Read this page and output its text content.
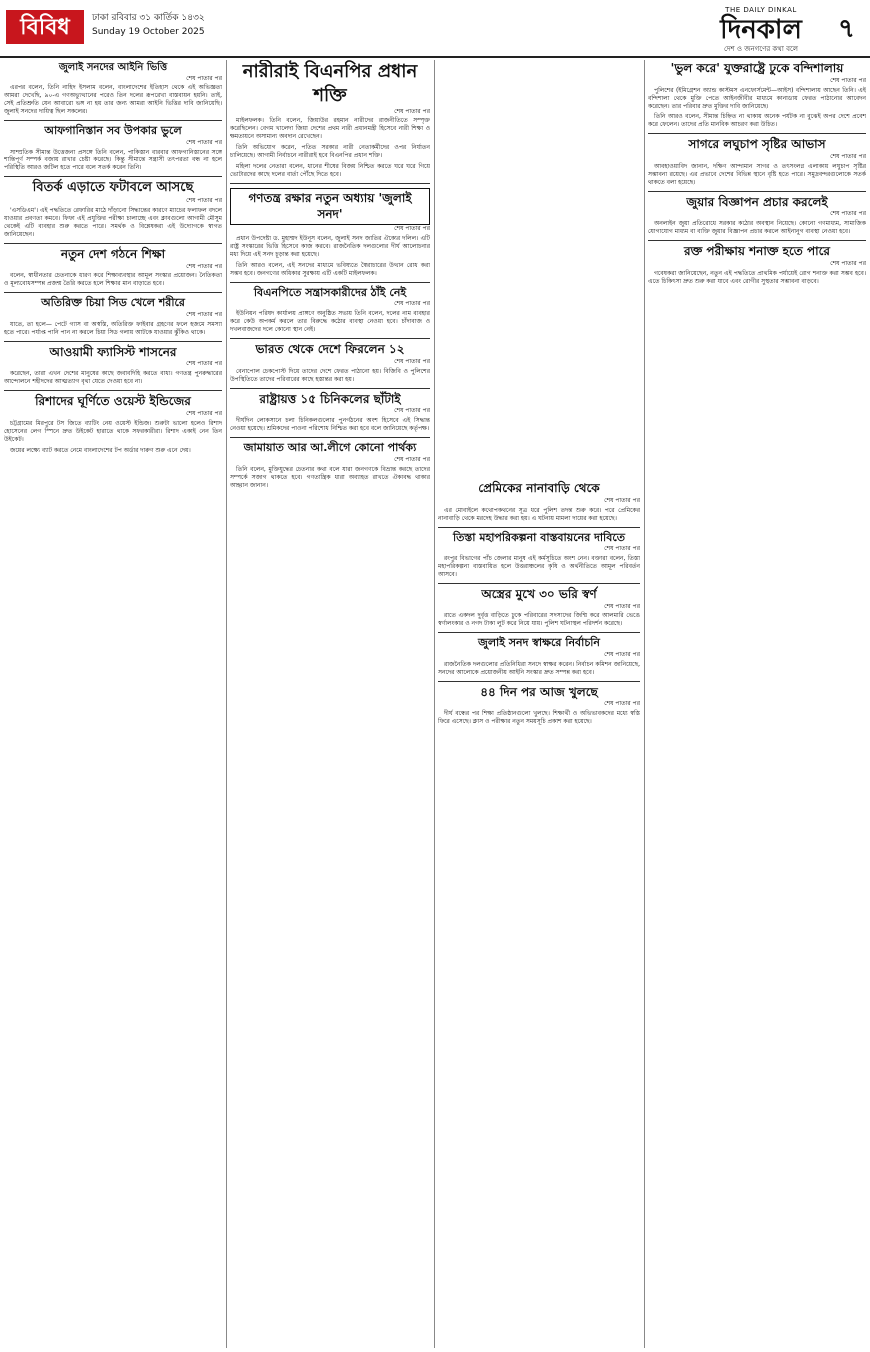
বিবিধ	ঢাকা রবিবার ৩১ কার্তিক ১৪৩২
Sunday 19 October 2025
THE DAILY DINKAL
দিনকাল
দেশ ও জনগণের কথা বলে
৭
জুলাই সনদের আইনি ভিত্তি
শেষ পাতার পর

এরপর বলেন, তিনি নাহিদ ইসলাম বলেন, বাংলাদেশের ইতিহাস থেকে এই অভিজ্ঞতা আমরা দেখেছি, ৯০-এ গণঅভ্যুত্থানের পরেও তিন দলের রূপরেখা বাস্তবায়ন হয়নি। তাই, সেই প্রতিশ্রুতি যেন আবারো ভঙ্গ না হয় তার জন্য আমরা আইনি ভিত্তির দাবি জানিয়েছি। জুলাই সনদের দায়িত্ব ছিল সকলের।

আফগানিস্তান সব উপকার ভুলে
শেষ পাতার পর

সাম্প্রতিক সীমান্ত উত্তেজনা প্রসঙ্গে তিনি বলেন, পাকিস্তান বারবার আফগানিস্তানের সঙ্গে শান্তিপূর্ণ সম্পর্ক বজায় রাখার চেষ্টা করেছে। কিন্তু সীমান্তে সন্ত্রাসী তৎপরতা বন্ধ না হলে পরিস্থিতি আরও জটিল হতে পারে বলে সতর্ক করেন তিনি।

বিতর্ক এড়াতে ফটাবলে আসছে
শেষ পাতার পর

'এসডিএম'। এই পদ্ধতিতে রেফারির মাঠে দাঁড়ানো সিদ্ধান্তের কারণে ম্যাচের ফলাফল বদলে যাওয়ার প্রবণতা কমবে। ফিফা এই প্রযুক্তির পরীক্ষা চালাচ্ছে এবং ক্লাবগুলো আগামী মৌসুম থেকেই এটি ব্যবহার শুরু করতে পারে। সমর্থক ও বিশ্লেষকরা এই উদ্যোগকে স্বাগত জানিয়েছেন।

নতুন দেশ গঠনে শিক্ষা
শেষ পাতার পর

বলেন, স্বাধীনতার চেতনাকে ধারণ করে শিক্ষাব্যবস্থার আমূল সংস্কার প্রয়োজন। নৈতিকতা ও মূল্যবোধসম্পন্ন প্রজন্ম তৈরি করতে হলে শিক্ষার মান বাড়াতে হবে।

অতিরিক্ত চিয়া সিড খেলে শরীরে
শেষ পাতার পর

যাতে, তা হলে— পেটে গ্যাস বা অস্বস্তি, অতিরিক্ত ফাইবার গ্রহণের ফলে হজমে সমস্যা হতে পারে। পর্যাপ্ত পানি পান না করলে চিয়া সিড গলায় আটকে যাওয়ার ঝুঁকিও থাকে।

আওয়ামী ফ্যাসিস্ট শাসনের
শেষ পাতার পর

করেছেন, তারা এখন দেশের মানুষের কাছে জবাবদিহি করতে বাধ্য। গণতন্ত্র পুনরুদ্ধারের আন্দোলনে শহীদদের আত্মত্যাগ বৃথা যেতে দেওয়া হবে না।

রিশাদের ঘূর্ণিতে ওয়েস্ট ইন্ডিজের
শেষ পাতার পর

চট্টগ্রামের মিরপুরে টস জিতে ব্যাটিং নেয় ওয়েস্ট ইন্ডিজ। শুরুটা ভালো হলেও রিশাদ হোসেনের লেগ স্পিনে দ্রুত উইকেট হারাতে থাকে সফরকারীরা। রিশাদ একাই নেন তিন উইকেট।

জয়ের লক্ষ্যে ব্যাট করতে নেমে বাংলাদেশের টপ অর্ডার দারুণ শুরু এনে দেয়।

নারীরাই বিএনপির প্রধান শক্তি
শেষ পাতার পর

মাইলফলক। তিনি বলেন, জিয়াউর রহমান নারীদের রাজনীতিতে সম্পৃক্ত করেছিলেন। বেগম খালেদা জিয়া দেশের প্রথম নারী প্রধানমন্ত্রী হিসেবে নারী শিক্ষা ও ক্ষমতায়নে অসামান্য অবদান রেখেছেন।

তিনি অভিযোগ করেন, পতিত সরকার নারী নেতাকর্মীদের ওপর নির্যাতন চালিয়েছে। আগামী নির্বাচনে নারীরাই হবে বিএনপির প্রধান শক্তি।

মহিলা দলের নেতারা বলেন, ধানের শীষের বিজয় নিশ্চিত করতে ঘরে ঘরে গিয়ে ভোটারদের কাছে দলের বার্তা পৌঁছে দিতে হবে।

গণতন্ত্র রক্ষার নতুন অধ্যায় 'জুলাই সনদ'
শেষ পাতার পর

প্রধান উপদেষ্টা ড. মুহাম্মদ ইউনূস বলেন, জুলাই সনদ জাতির ঐক্যের দলিল। এটি রাষ্ট্র সংস্কারের ভিত্তি হিসেবে কাজ করবে। রাজনৈতিক দলগুলোর দীর্ঘ আলোচনার মধ্য দিয়ে এই সনদ চূড়ান্ত করা হয়েছে।

তিনি আরও বলেন, এই সনদের মাধ্যমে ভবিষ্যতে স্বৈরাচারের উত্থান রোধ করা সম্ভব হবে। জনগণের অধিকার সুরক্ষায় এটি একটি মাইলফলক।

বিএনপিতে সন্ত্রাসকারীদের ঠাঁই নেই
শেষ পাতার পর

ইউনিয়ন পরিষদ কার্যালয় প্রাঙ্গণে অনুষ্ঠিত সভায় তিনি বলেন, দলের নাম ব্যবহার করে কেউ অপকর্ম করলে তার বিরুদ্ধে কঠোর ব্যবস্থা নেওয়া হবে। চাঁদাবাজ ও দখলবাজদের দলে কোনো স্থান নেই।

ভারত থেকে দেশে ফিরলেন ১২
শেষ পাতার পর

বেনাপোল চেকপোস্ট দিয়ে তাদের দেশে ফেরত পাঠানো হয়। বিজিবি ও পুলিশের উপস্থিতিতে তাদের পরিবারের কাছে হস্তান্তর করা হয়।

রাষ্ট্রায়ত্ত ১৫ চিনিকলের ছাঁটাই
শেষ পাতার পর

দীর্ঘদিন লোকসানে চলা চিনিকলগুলোর পুনর্গঠনের অংশ হিসেবে এই সিদ্ধান্ত নেওয়া হয়েছে। শ্রমিকদের পাওনা পরিশোধ নিশ্চিত করা হবে বলে জানিয়েছে কর্তৃপক্ষ।

জামায়াত আর আ.লীগে কোনো পার্থক্য
শেষ পাতার পর

তিনি বলেন, মুক্তিযুদ্ধের চেতনার কথা বলে যারা জনগণকে বিভ্রান্ত করছে তাদের সম্পর্কে সজাগ থাকতে হবে। গণতান্ত্রিক ধারা অব্যাহত রাখতে ঐক্যবদ্ধ থাকার আহ্বান জানান।	প্রেমিকের নানাবাড়ি থেকে
শেষ পাতার পর

এর মোবাইলে কথোপকথনের সূত্র ধরে পুলিশ তদন্ত শুরু করে। পরে প্রেমিকের নানাবাড়ি থেকে মরদেহ উদ্ধার করা হয়। এ ঘটনায় মামলা দায়ের করা হয়েছে।

তিস্তা মহাপরিকল্পনা বাস্তবায়নের দাবিতে
শেষ পাতার পর

রংপুর বিভাগের পাঁচ জেলার মানুষ এই কর্মসূচিতে অংশ নেন। বক্তারা বলেন, তিস্তা মহাপরিকল্পনা বাস্তবায়িত হলে উত্তরাঞ্চলের কৃষি ও অর্থনীতিতে আমূল পরিবর্তন আসবে।

অস্ত্রের মুখে ৩০ ভরি স্বর্ণ
শেষ পাতার পর

রাতে একদল দুর্বৃত্ত বাড়িতে ঢুকে পরিবারের সদস্যদের জিম্মি করে আলমারি ভেঙে স্বর্ণালংকার ও নগদ টাকা লুট করে নিয়ে যায়। পুলিশ ঘটনাস্থল পরিদর্শন করেছে।

জুলাই সনদ স্বাক্ষরে নির্বাচনি
শেষ পাতার পর

রাজনৈতিক দলগুলোর প্রতিনিধিরা সনদে স্বাক্ষর করেন। নির্বাচন কমিশন জানিয়েছে, সনদের আলোকে প্রয়োজনীয় আইনি সংস্কার দ্রুত সম্পন্ন করা হবে।

৪৪ দিন পর আজ খুলছে
শেষ পাতার পর

দীর্ঘ বন্ধের পর শিক্ষা প্রতিষ্ঠানগুলো খুলছে। শিক্ষার্থী ও অভিভাবকদের মধ্যে স্বস্তি ফিরে এসেছে। ক্লাস ও পরীক্ষার নতুন সময়সূচি প্রকাশ করা হয়েছে।

'ভুল করে' যুক্তরাষ্ট্রে ঢুকে বন্দিশালায়
শেষ পাতার পর

পুলিশের (ইমিগ্রেশন অ্যান্ড কাস্টমস এনফোর্সমেন্ট—আইস) বন্দিশালায় আছেন তিনি। এই বন্দিশালা থেকে মুক্তি পেতে আইনজীবীর মাধ্যমে কানাডায় ফেরত পাঠানোর আবেদন করেছেন। তার পরিবার দ্রুত মুক্তির দাবি জানিয়েছে।

তিনি আরও বলেন, সীমান্ত চিহ্নিত না থাকায় অনেক পর্যটক না বুঝেই অপর দেশে প্রবেশ করে ফেলেন। তাদের প্রতি মানবিক আচরণ করা উচিত।

সাগরে লঘুচাপ সৃষ্টির আভাস
শেষ পাতার পর

আবহাওয়াবিদ জানান, দক্ষিণ আন্দামান সাগর ও তৎসংলগ্ন এলাকায় লঘুচাপ সৃষ্টির সম্ভাবনা রয়েছে। এর প্রভাবে দেশের বিভিন্ন স্থানে বৃষ্টি হতে পারে। সমুদ্রবন্দরগুলোকে সতর্ক থাকতে বলা হয়েছে।

জুয়ার বিজ্ঞাপন প্রচার করলেই
শেষ পাতার পর

অনলাইন জুয়া প্রতিরোধে সরকার কঠোর অবস্থান নিয়েছে। কোনো গণমাধ্যম, সামাজিক যোগাযোগ মাধ্যম বা ব্যক্তি জুয়ার বিজ্ঞাপন প্রচার করলে আইনানুগ ব্যবস্থা নেওয়া হবে।

রক্ত পরীক্ষায় শনাক্ত হতে পারে
শেষ পাতার পর

গবেষকরা জানিয়েছেন, নতুন এই পদ্ধতিতে প্রাথমিক পর্যায়েই রোগ শনাক্ত করা সম্ভব হবে। এতে চিকিৎসা দ্রুত শুরু করা যাবে এবং রোগীর সুস্থতার সম্ভাবনা বাড়বে।
